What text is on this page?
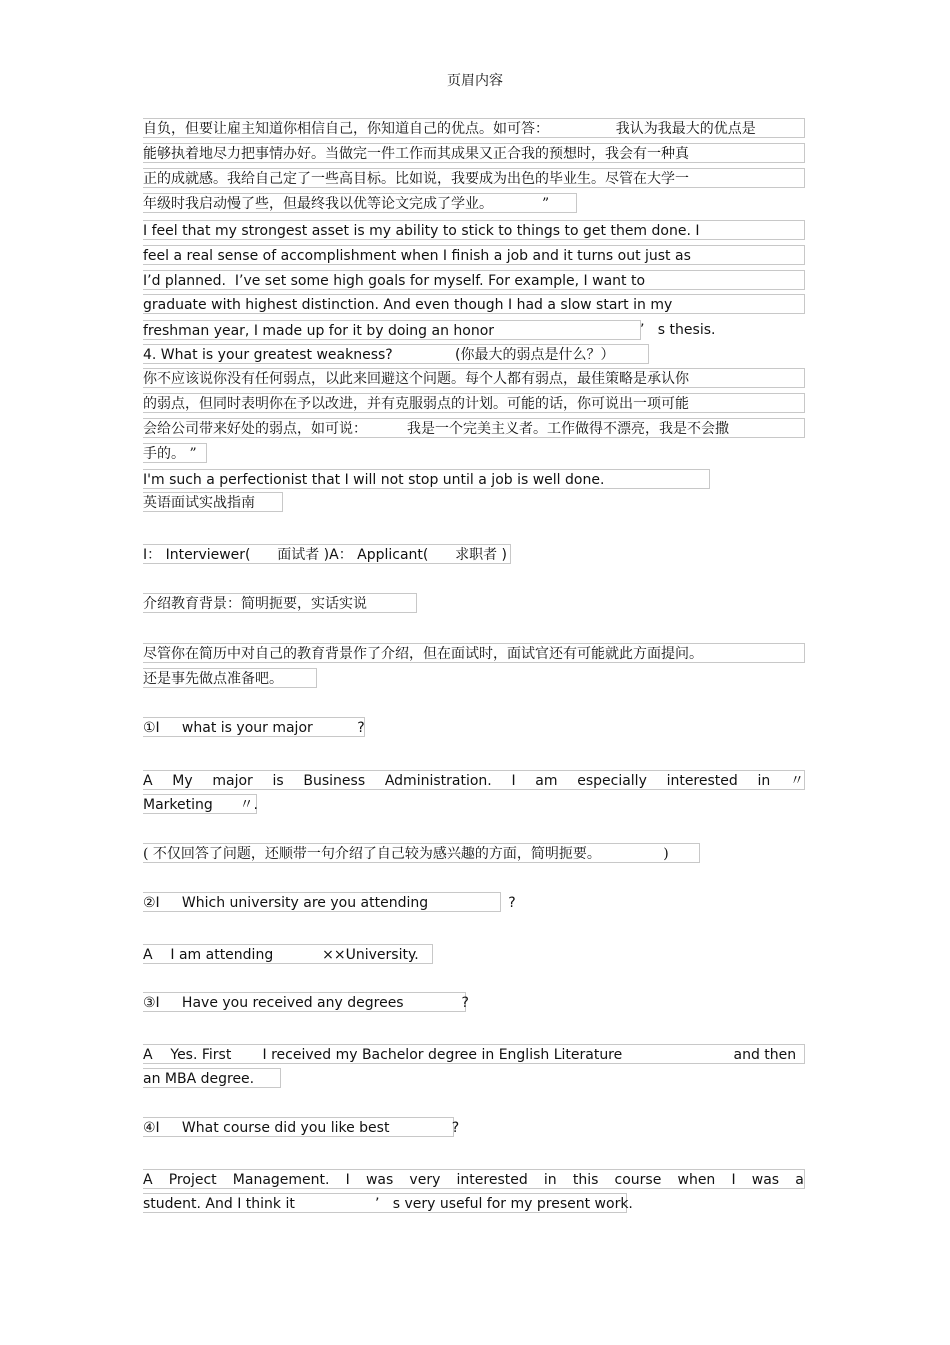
页眉内容
自负，但要让雇主知道你相信自己，你知道自己的优点。如可答：               我认为我最大的优点是
能够执着地尽力把事情办好。当做完一件工作而其成果又正合我的预想时，我会有一种真
正的成就感。我给自己定了一些高目标。比如说，我要成为出色的毕业生。尽管在大学一
年级时我启动慢了些，但最终我以优等论文完成了学业。           ”
I feel that my strongest asset is my ability to stick to things to get them done. I
feel a real sense of accomplishment when I finish a job and it turns out just as
I’d planned.  I’ve set some high goals for myself. For example, I want to
graduate with highest distinction. And even though I had a slow start in my
freshman year, I made up for it by doing an honor	’   s thesis.
4. What is your greatest weakness?              (你最大的弱点是什么？）
你不应该说你没有任何弱点，以此来回避这个问题。每个人都有弱点，最佳策略是承认你
的弱点，但同时表明你在予以改进，并有克服弱点的计划。可能的话，你可说出一项可能
会给公司带来好处的弱点，如可说：         我是一个完美主义者。工作做得不漂亮，我是不会撒
手的。 ”
I'm such a perfectionist that I will not stop until a job is well done.
英语面试实战指南
I： Interviewer(      面试者 )A： Applicant(      求职者 )
介绍教育背景：简明扼要，实话实说
尽管你在简历中对自己的教育背景作了介绍，但在面试时，面试官还有可能就此方面提问。
还是事先做点准备吧。
①I     what is your major          ?
A My major is Business Administration. I am especially interested in 〃
Marketing      〃.
( 不仅回答了问题，还顺带一句介绍了自己较为感兴趣的方面，简明扼要。              )
②I     Which university are you attending                  ?
A    I am attending           ××University.
③I     Have you received any degrees             ?
A    Yes. First       I received my Bachelor degree in English Literature                         and then
an MBA degree.
④I     What course did you like best              ?
A Project Management. I was very interested in this course when I was a
student. And I think it                  ’   s very useful for my present work.
